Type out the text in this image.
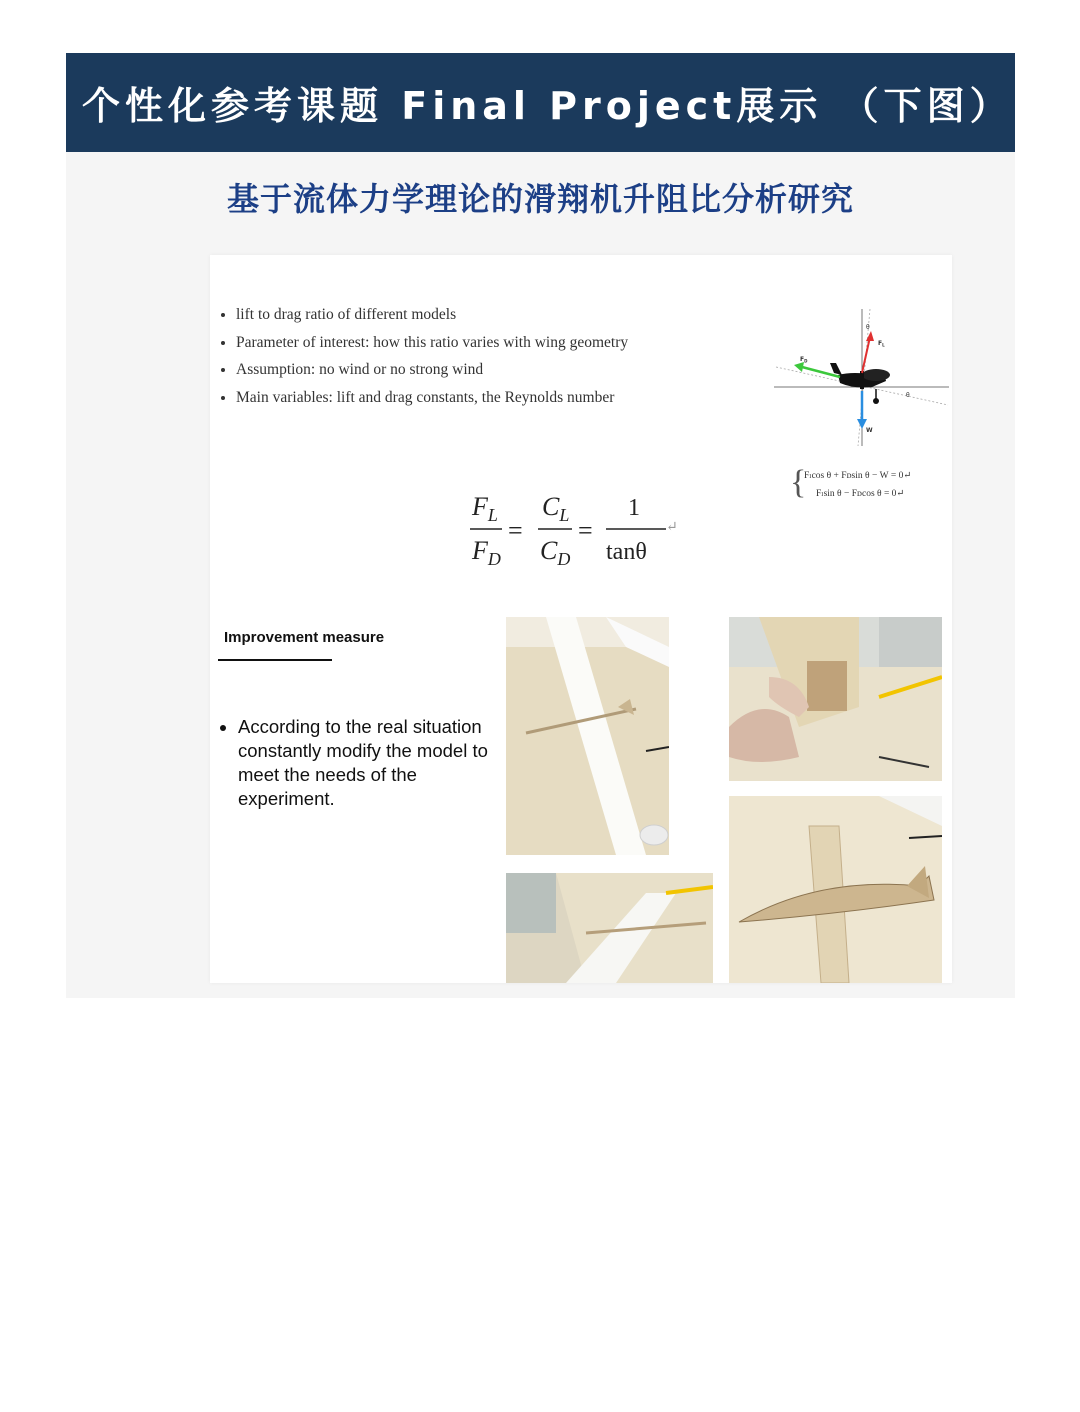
个性化参考课题 Final Project展示 （下图）
基于流体力学理论的滑翔机升阻比分析研究
• lift to drag ratio of different models
• Parameter of interest: how this ratio varies with wing geometry
• Assumption: no wind or no strong wind
• Main variables: lift and drag constants, the Reynolds number
θ
θ
$F_L$
$F_D$
W
{
Fₗcos θ + Fᴅsin θ − W = 0↵
Fₗsin θ − Fᴅcos θ = 0↵
$F_L$
$F_D$
=
$C_L$
$C_D$
=
1
tanθ
↵
Improvement measure
• According to the real situation constantly modify the model to meet the needs of the experiment.
